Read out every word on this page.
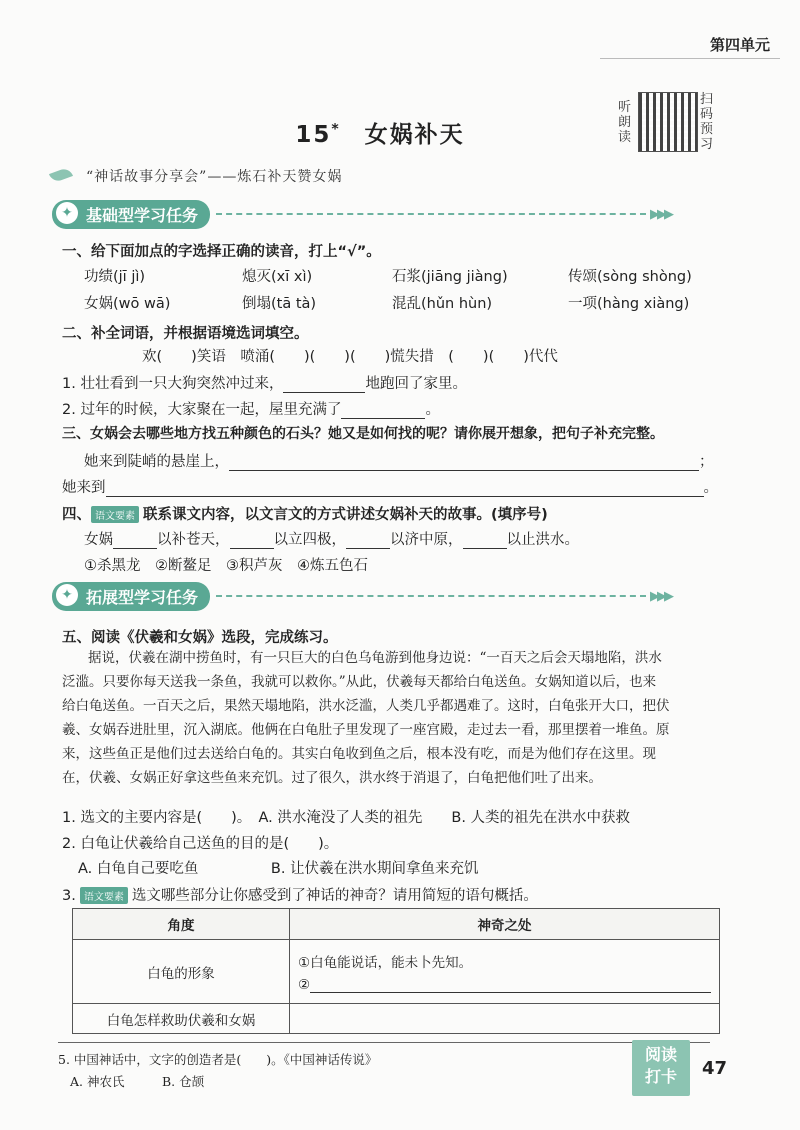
第四单元
15* 女娲补天
听朗读
扫码预习
“神话故事分享会”——炼石补天赞女娲
✦ 基础型学习任务	▶▶▶
一、给下面加点的字选择正确的读音，打上“√”。
功绩(jī jì)	熄灭(xī xì)	石浆(jiāng jiàng)	传颂(sòng shòng)
女娲(wō wā)	倒塌(tā tà)	混乱(hǔn hùn)	一项(hàng xiàng)
二、补全词语，并根据语境选词填空。
欢(　　)笑语　喷涌(　　)(　　)(　　)慌失措　(　　)(　　)代代
1. 壮壮看到一只大狗突然冲过来，	地跑回了家里。
2. 过年的时候，大家聚在一起，屋里充满了	。
三、女娲会去哪些地方找五种颜色的石头？她又是如何找的呢？请你展开想象，把句子补充完整。
她来到陡峭的悬崖上，	；
她来到	。
四、 语文要素 联系课文内容，以文言文的方式讲述女娲补天的故事。(填序号)
女娲	以补苍天，	以立四极，	以济中原，	以止洪水。
①杀黑龙　②断鳌足　③积芦灰　④炼五色石
✦ 拓展型学习任务	▶▶▶
五、阅读《伏羲和女娲》选段，完成练习。
据说，伏羲在湖中捞鱼时，有一只巨大的白色乌龟游到他身边说：“一百天之后会天塌地陷，洪水
泛滥。只要你每天送我一条鱼，我就可以救你。”从此，伏羲每天都给白龟送鱼。女娲知道以后，也来
给白龟送鱼。一百天之后，果然天塌地陷，洪水泛滥，人类几乎都遇难了。这时，白龟张开大口，把伏
羲、女娲吞进肚里，沉入湖底。他俩在白龟肚子里发现了一座宫殿，走过去一看，那里摆着一堆鱼。原
来，这些鱼正是他们过去送给白龟的。其实白龟收到鱼之后，根本没有吃，而是为他们存在这里。现
在，伏羲、女娲正好拿这些鱼来充饥。过了很久，洪水终于消退了，白龟把他们吐了出来。
1. 选文的主要内容是(　　)。　A. 洪水淹没了人类的祖先　　B. 人类的祖先在洪水中获救
2. 白龟让伏羲给自己送鱼的目的是(　　)。
A. 白龟自己要吃鱼　　　　　B. 让伏羲在洪水期间拿鱼来充饥
3. 语文要素 选文哪些部分让你感受到了神话的神奇？请用简短的语句概括。
角度	神奇之处
白龟的形象	①白龟能说话，能未卜先知。
②

白龟怎样救助伏羲和女娲	
5. 中国神话中，文字的创造者是(　　)。《中国神话传说》
A. 神农氏　　　B. 仓颉
阅读
打卡	47
